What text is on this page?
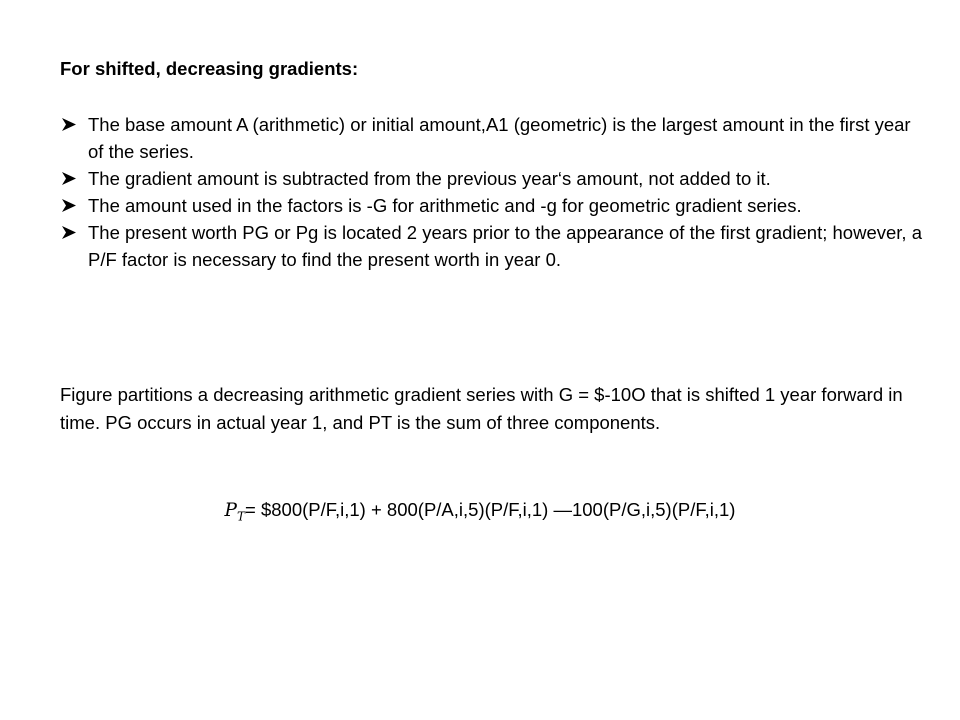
For shifted, decreasing gradients:
The base amount A (arithmetic) or initial amount,A1 (geometric) is the largest amount in the first year of the series.
The gradient amount is subtracted from the previous year‘s amount, not added to it.
The amount used in the factors is -G for arithmetic and -g for geometric gradient series.
The present worth PG or Pg is located 2 years prior to the appearance of the first gradient; however, a P/F factor is necessary to find the present worth in year 0.

Figure partitions a decreasing arithmetic gradient series with G = $-10O that is shifted 1 year forward in time. PG occurs in actual year 1, and PT is the sum of three components.

$P_T=$ $800(P/F,i,1) + 800(P/A,i,5)(P/F,i,1) —100(P/G,i,5)(P/F,i,1)
